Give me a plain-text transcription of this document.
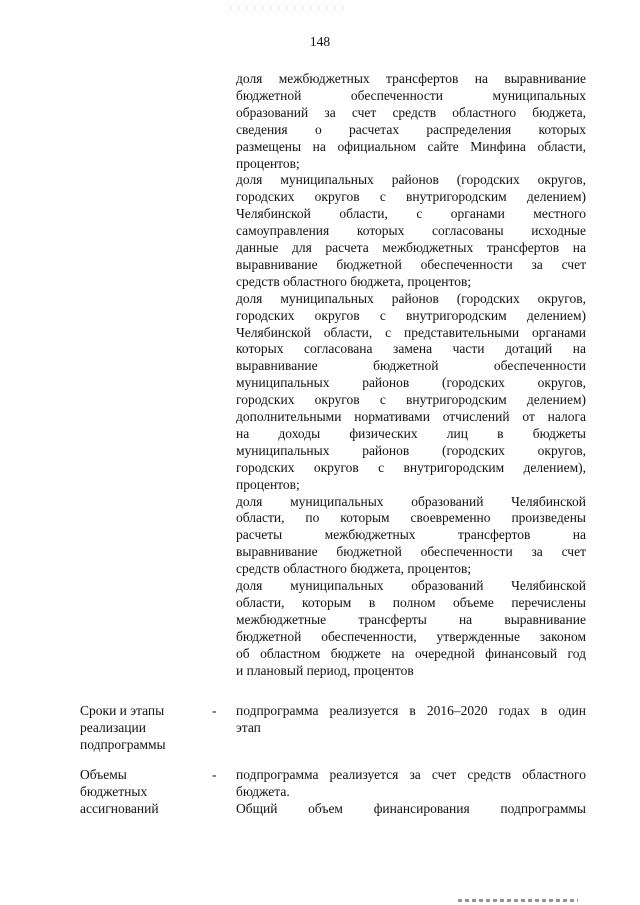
148
доля межбюджетных трансфертов на выравнивание
бюджетной обеспеченности муниципальных
образований за счет средств областного бюджета,
сведения о расчетах распределения которых
размещены на официальном сайте Минфина области,
процентов;
доля муниципальных районов (городских округов,
городских округов с внутригородским делением)
Челябинской области, с органами местного
самоуправления которых согласованы исходные
данные для расчета межбюджетных трансфертов на
выравнивание бюджетной обеспеченности за счет
средств областного бюджета, процентов;
доля муниципальных районов (городских округов,
городских округов с внутригородским делением)
Челябинской области, с представительными органами
которых согласована замена части дотаций на
выравнивание бюджетной обеспеченности
муниципальных районов (городских округов,
городских округов с внутригородским делением)
дополнительными нормативами отчислений от налога
на доходы физических лиц в бюджеты
муниципальных районов (городских округов,
городских округов с внутригородским делением),
процентов;
доля муниципальных образований Челябинской
области, по которым своевременно произведены
расчеты межбюджетных трансфертов на
выравнивание бюджетной обеспеченности за счет
средств областного бюджета, процентов;
доля муниципальных образований Челябинской
области, которым в полном объеме перечислены
межбюджетные трансферты на выравнивание
бюджетной обеспеченности, утвержденные законом
об областном бюджете на очередной финансовый год
и плановый период, процентов
Сроки и этапы
реализации
подпрограммы
- подпрограмма реализуется в 2016–2020 годах в один
этап
Объемы
бюджетных
ассигнований
- подпрограмма реализуется за счет средств областного
бюджета.
Общий объем финансирования подпрограммы
